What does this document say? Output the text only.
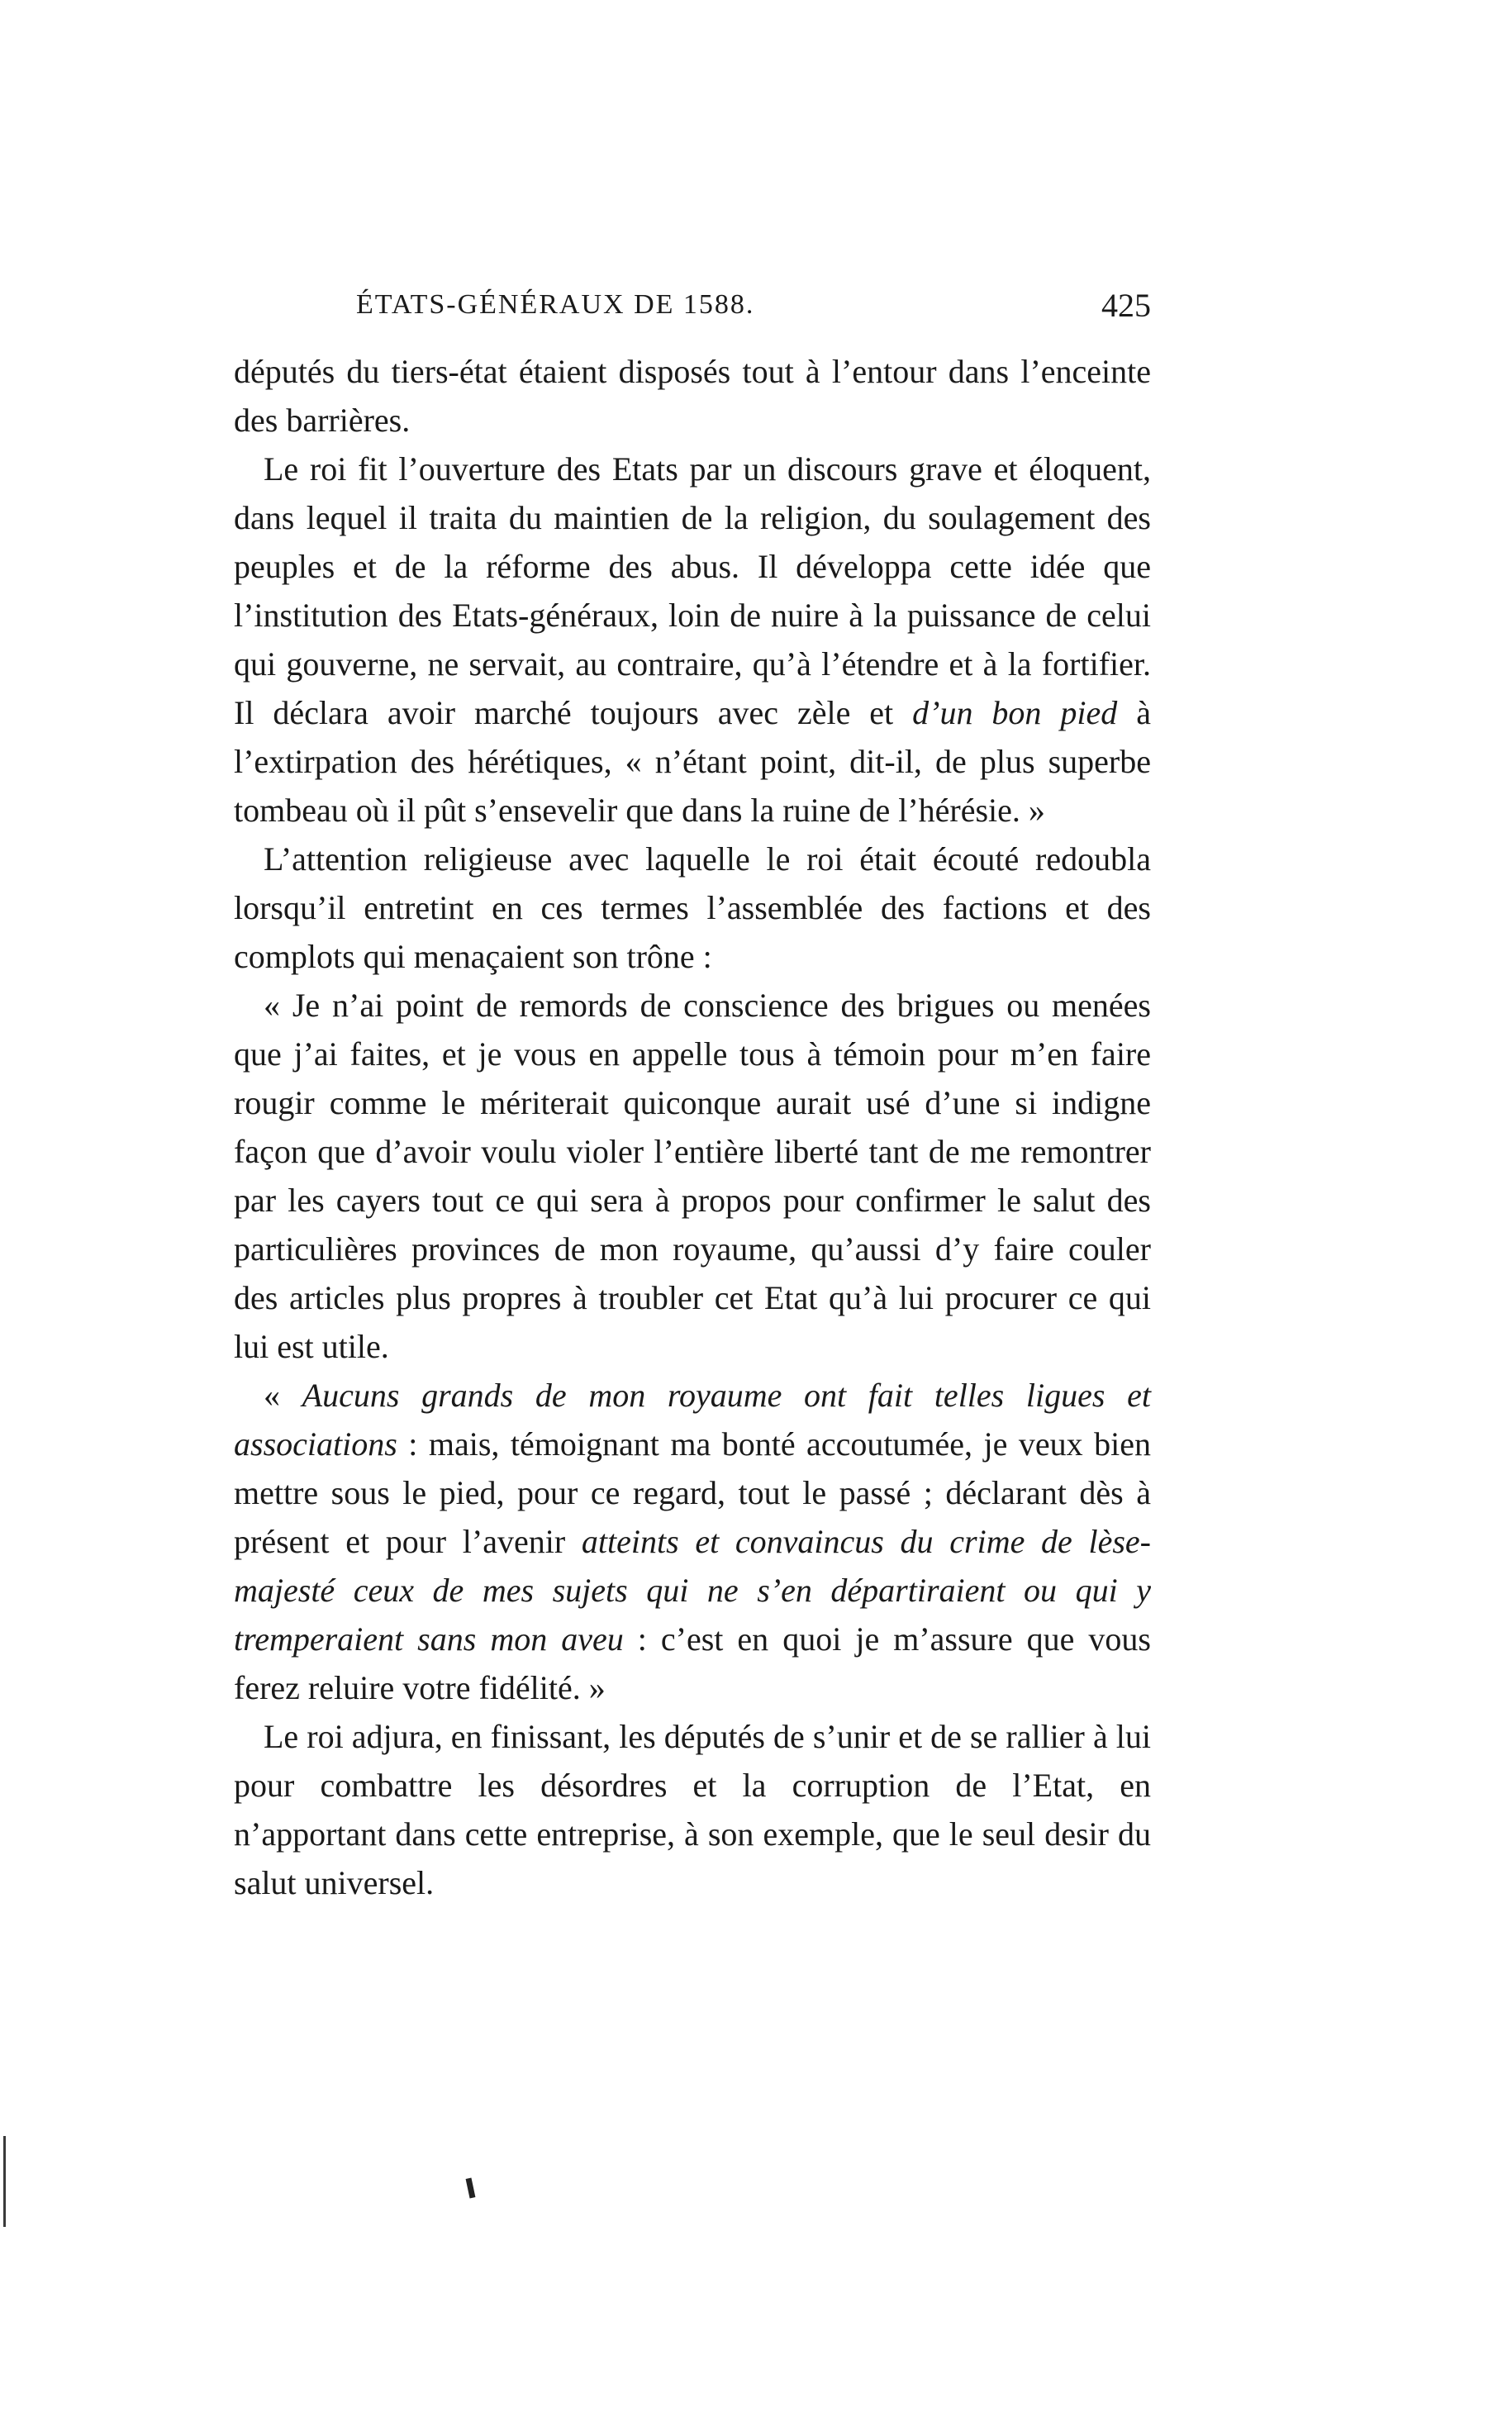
ÉTATS-GÉNÉRAUX DE 1588.	425

députés du tiers-état étaient disposés tout à l’entour dans l’enceinte des barrières.

Le roi fit l’ouverture des Etats par un discours grave et éloquent, dans lequel il traita du maintien de la religion, du soulagement des peuples et de la réforme des abus. Il développa cette idée que l’institution des Etats-généraux, loin de nuire à la puissance de celui qui gouverne, ne servait, au contraire, qu’à l’étendre et à la fortifier. Il déclara avoir marché toujours avec zèle et d’un bon pied à l’extirpation des hérétiques, « n’étant point, dit-il, de plus superbe tombeau où il pût s’ensevelir que dans la ruine de l’hérésie. »

L’attention religieuse avec laquelle le roi était écouté redoubla lorsqu’il entretint en ces termes l’assemblée des factions et des complots qui menaçaient son trône :

« Je n’ai point de remords de conscience des brigues ou menées que j’ai faites, et je vous en appelle tous à témoin pour m’en faire rougir comme le mériterait quiconque aurait usé d’une si indigne façon que d’avoir voulu violer l’entière liberté tant de me remontrer par les cayers tout ce qui sera à propos pour confirmer le salut des particulières provinces de mon royaume, qu’aussi d’y faire couler des articles plus propres à troubler cet Etat qu’à lui procurer ce qui lui est utile.

« Aucuns grands de mon royaume ont fait telles ligues et associations : mais, témoignant ma bonté accoutumée, je veux bien mettre sous le pied, pour ce regard, tout le passé ; déclarant dès à présent et pour l’avenir atteints et convaincus du crime de lèse-majesté ceux de mes sujets qui ne s’en départiraient ou qui y tremperaient sans mon aveu : c’est en quoi je m’assure que vous ferez reluire votre fidélité. »

Le roi adjura, en finissant, les députés de s’unir et de se rallier à lui pour combattre les désordres et la corruption de l’Etat, en n’apportant dans cette entreprise, à son exemple, que le seul desir du salut universel.
